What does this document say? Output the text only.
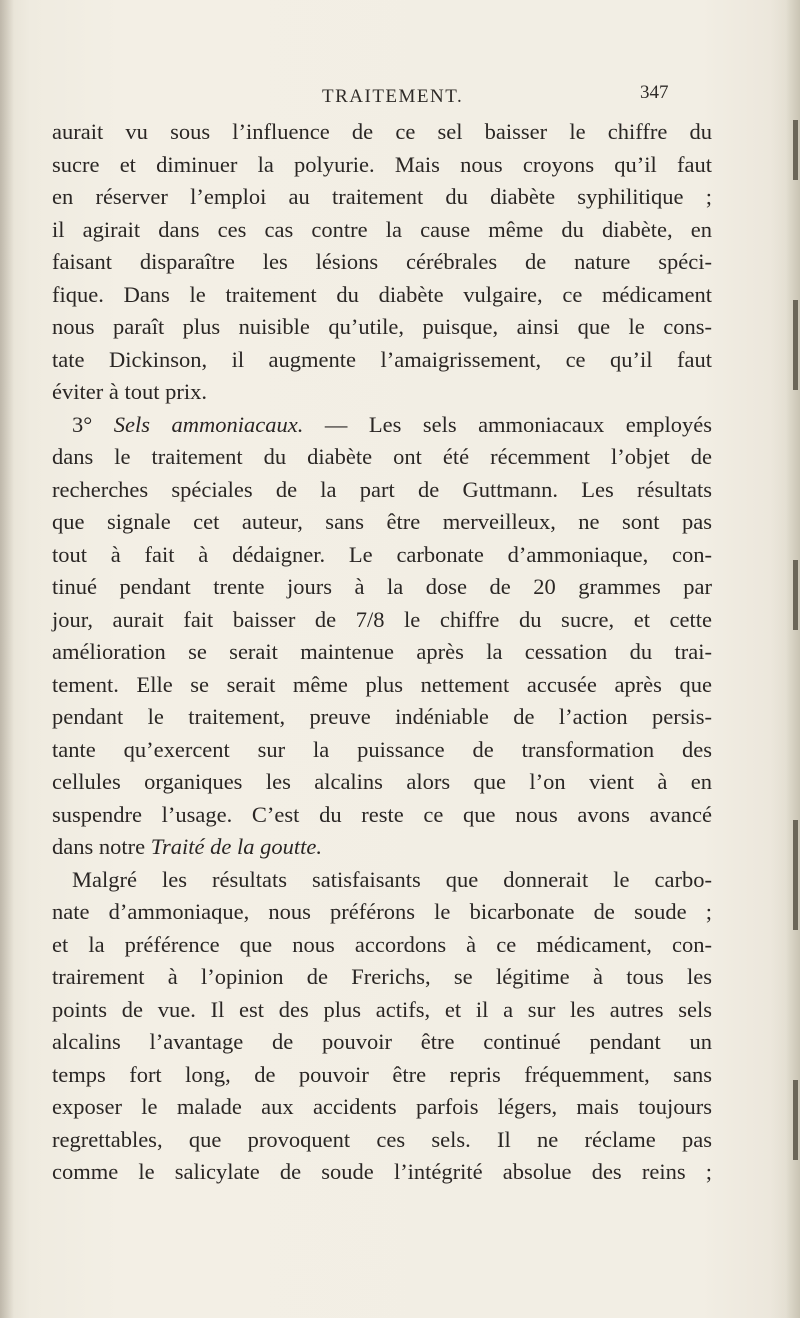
TRAITEMENT.	347
aurait vu sous l’influence de ce sel baisser le chiffre du
sucre et diminuer la polyurie. Mais nous croyons qu’il faut
en réserver l’emploi au traitement du diabète syphilitique ;
il agirait dans ces cas contre la cause même du diabète, en
faisant disparaître les lésions cérébrales de nature spéci-
fique. Dans le traitement du diabète vulgaire, ce médicament
nous paraît plus nuisible qu’utile, puisque, ainsi que le cons-
tate Dickinson, il augmente l’amaigrissement, ce qu’il faut
éviter à tout prix.
3° Sels ammoniacaux. — Les sels ammoniacaux employés
dans le traitement du diabète ont été récemment l’objet de
recherches spéciales de la part de Guttmann. Les résultats
que signale cet auteur, sans être merveilleux, ne sont pas
tout à fait à dédaigner. Le carbonate d’ammoniaque, con-
tinué pendant trente jours à la dose de 20 grammes par
jour, aurait fait baisser de 7/8 le chiffre du sucre, et cette
amélioration se serait maintenue après la cessation du trai-
tement. Elle se serait même plus nettement accusée après que
pendant le traitement, preuve indéniable de l’action persis-
tante qu’exercent sur la puissance de transformation des
cellules organiques les alcalins alors que l’on vient à en
suspendre l’usage. C’est du reste ce que nous avons avancé
dans notre Traité de la goutte.
Malgré les résultats satisfaisants que donnerait le carbo-
nate d’ammoniaque, nous préférons le bicarbonate de soude ;
et la préférence que nous accordons à ce médicament, con-
trairement à l’opinion de Frerichs, se légitime à tous les
points de vue. Il est des plus actifs, et il a sur les autres sels
alcalins l’avantage de pouvoir être continué pendant un
temps fort long, de pouvoir être repris fréquemment, sans
exposer le malade aux accidents parfois légers, mais toujours
regrettables, que provoquent ces sels. Il ne réclame pas
comme le salicylate de soude l’intégrité absolue des reins ;
